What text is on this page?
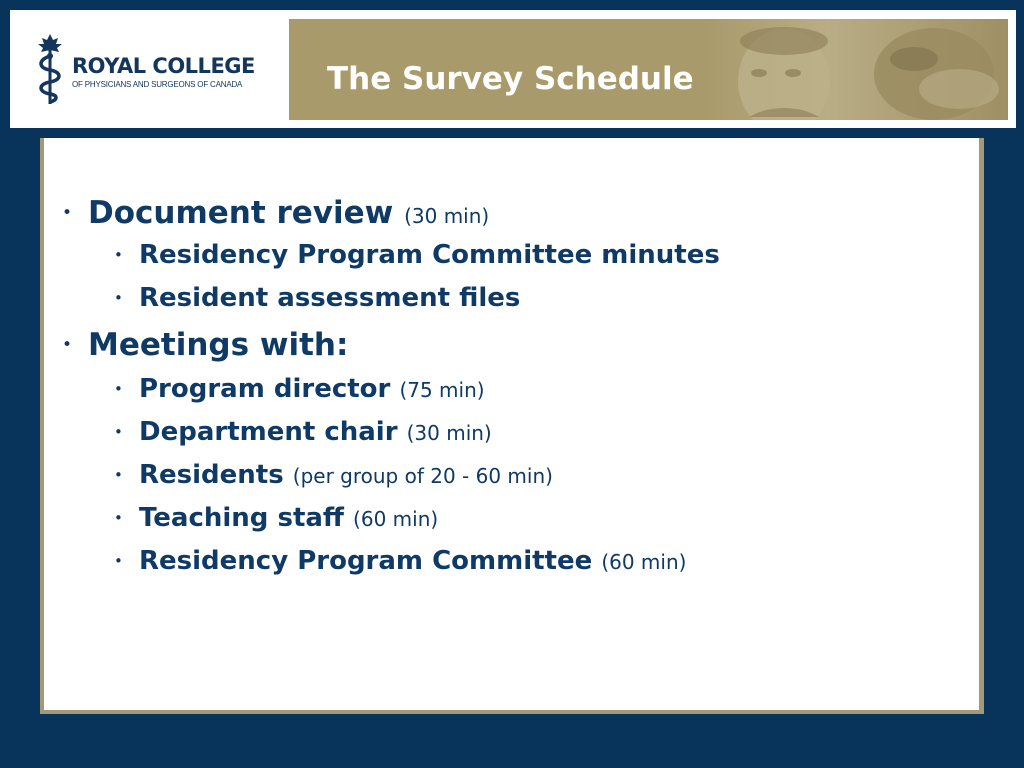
ROYAL COLLEGE
OF PHYSICIANS AND SURGEONS OF CANADA	The Survey Schedule
• Document review (30 min)
• Residency Program Committee minutes
• Resident assessment files
• Meetings with:
• Program director (75 min)
• Department chair (30 min)
• Residents (per group of 20 - 60 min)
• Teaching staff (60 min)
• Residency Program Committee (60 min)
